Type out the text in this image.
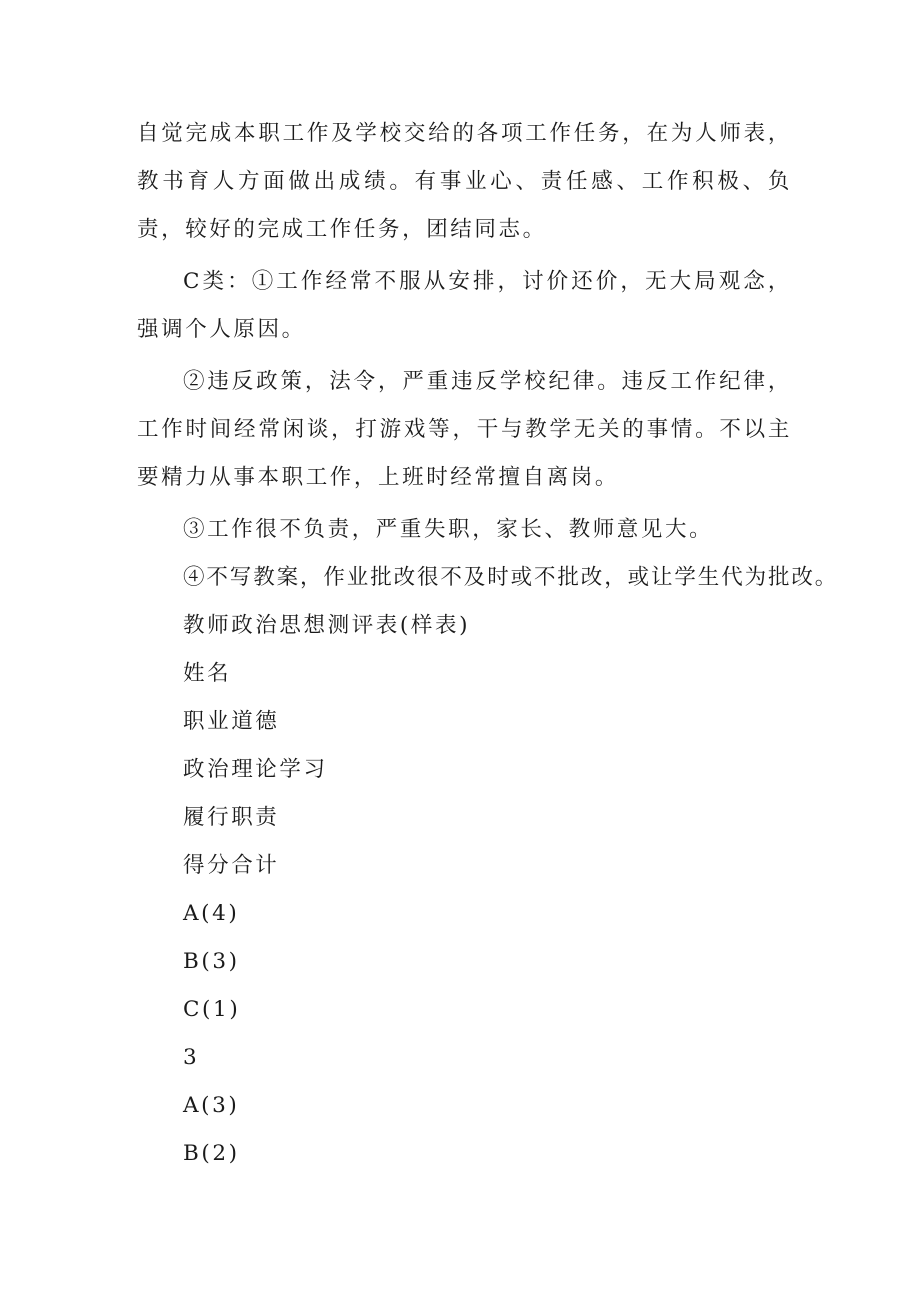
自觉完成本职工作及学校交给的各项工作任务，在为人师表，教书育人方面做出成绩。有事业心、责任感、工作积极、负责，较好的完成工作任务，团结同志。

C类：①工作经常不服从安排，讨价还价，无大局观念，强调个人原因。

②违反政策，法令，严重违反学校纪律。违反工作纪律，工作时间经常闲谈，打游戏等，干与教学无关的事情。不以主要精力从事本职工作，上班时经常擅自离岗。

③工作很不负责，严重失职，家长、教师意见大。

④不写教案，作业批改很不及时或不批改，或让学生代为批改。

教师政治思想测评表(样表)

姓名

职业道德

政治理论学习

履行职责

得分合计

A(4)

B(3)

C(1)

3

A(3)

B(2)
